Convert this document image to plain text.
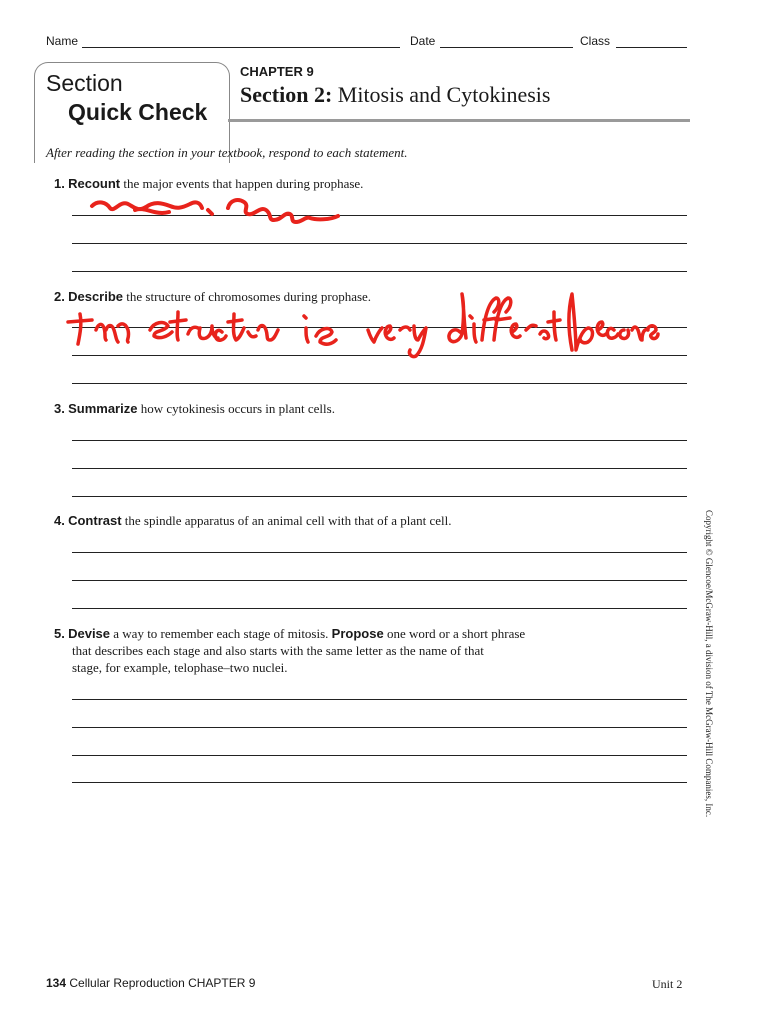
Name	Date	Class
Section
Quick Check
CHAPTER 9
Section 2: Mitosis and Cytokinesis
After reading the section in your textbook, respond to each statement.
1. Recount the major events that happen during prophase.
2. Describe the structure of chromosomes during prophase.
3. Summarize how cytokinesis occurs in plant cells.
4. Contrast the spindle apparatus of an animal cell with that of a plant cell.
5. Devise a way to remember each stage of mitosis. Propose one word or a short phrase
that describes each stage and also starts with the same letter as the name of that
stage, for example, telophase–two nuclei.	Copyright © Glencoe/McGraw-Hill, a division of The McGraw-Hill Companies, Inc.
134 Cellular Reproduction CHAPTER 9	Unit 2
